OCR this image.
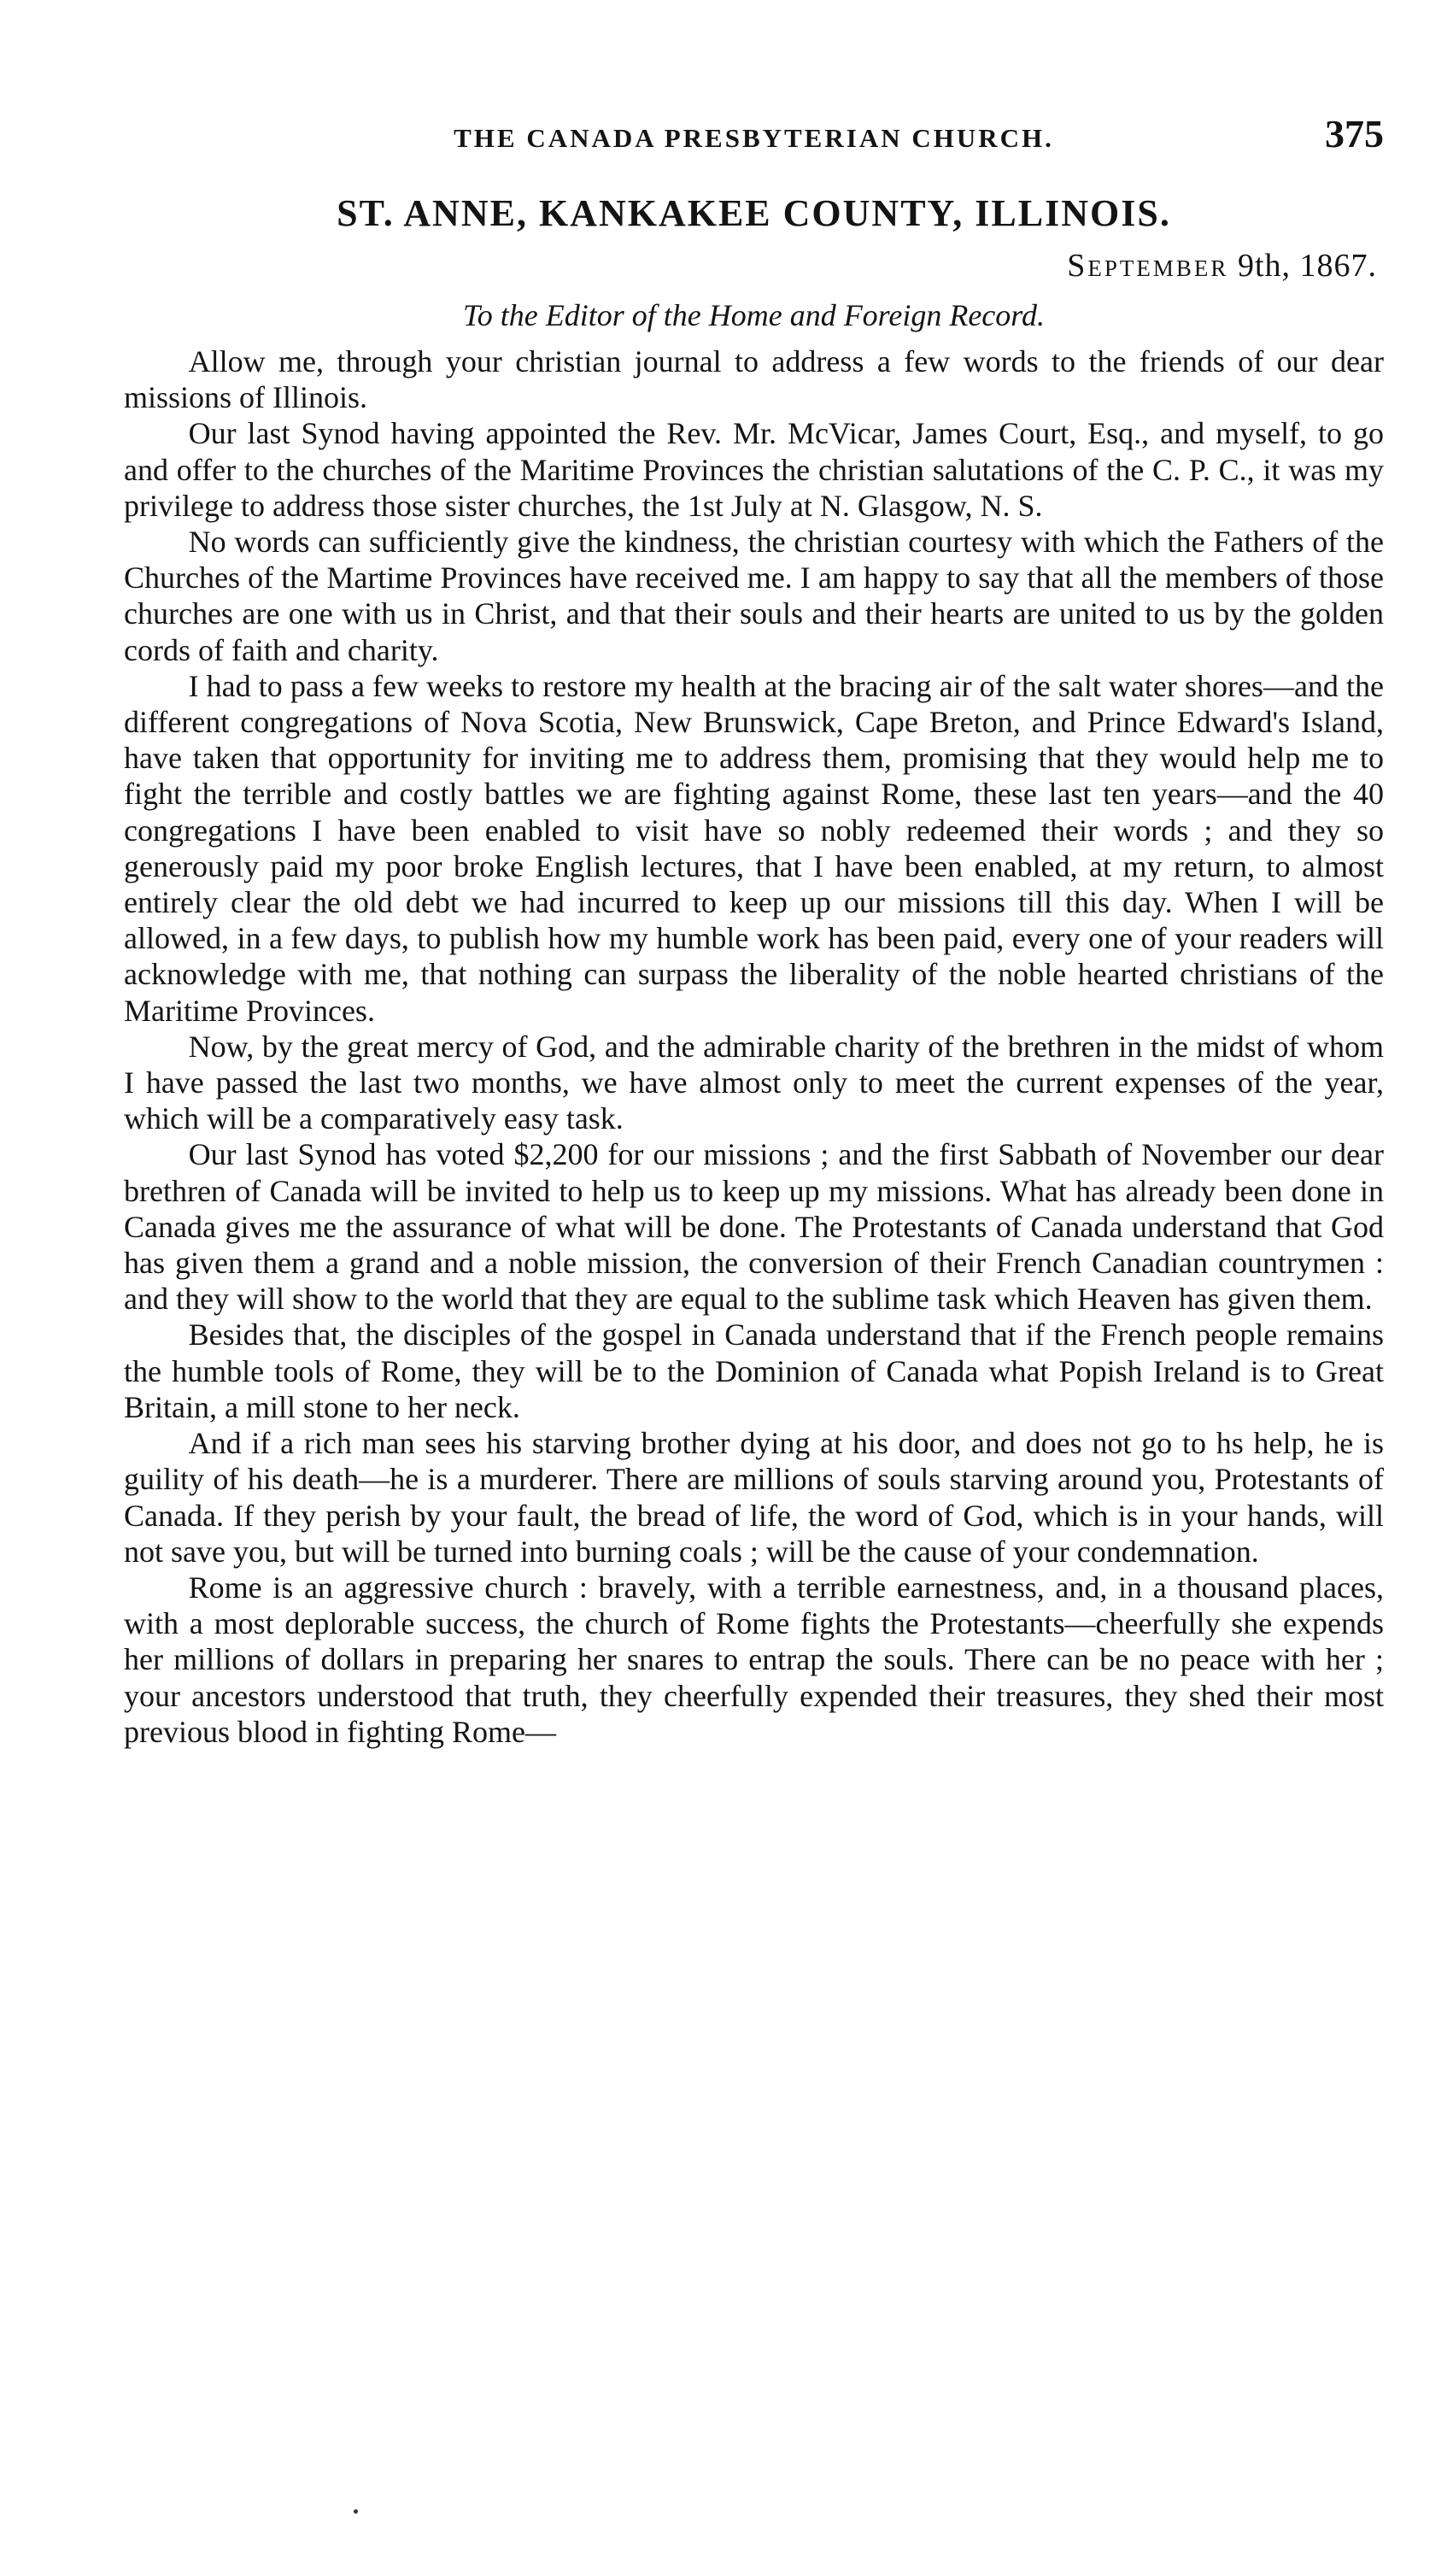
THE CANADA PRESBYTERIAN CHURCH.	375
ST. ANNE, KANKAKEE COUNTY, ILLINOIS.
September 9th, 1867.
To the Editor of the Home and Foreign Record.

Allow me, through your christian journal to address a few words to the friends of our dear missions of Illinois.

Our last Synod having appointed the Rev. Mr. McVicar, James Court, Esq., and myself, to go and offer to the churches of the Maritime Provinces the christian salutations of the C. P. C., it was my privilege to address those sister churches, the 1st July at N. Glasgow, N. S.

No words can sufficiently give the kindness, the christian courtesy with which the Fathers of the Churches of the Martime Provinces have received me. I am happy to say that all the members of those churches are one with us in Christ, and that their souls and their hearts are united to us by the golden cords of faith and charity.

I had to pass a few weeks to restore my health at the bracing air of the salt water shores—and the different congregations of Nova Scotia, New Brunswick, Cape Breton, and Prince Edward's Island, have taken that opportunity for inviting me to address them, promising that they would help me to fight the terrible and costly battles we are fighting against Rome, these last ten years—and the 40 congregations I have been enabled to visit have so nobly redeemed their words ; and they so generously paid my poor broke English lectures, that I have been enabled, at my return, to almost entirely clear the old debt we had incurred to keep up our missions till this day. When I will be allowed, in a few days, to publish how my humble work has been paid, every one of your readers will acknowledge with me, that nothing can surpass the liberality of the noble hearted christians of the Maritime Provinces.

Now, by the great mercy of God, and the admirable charity of the brethren in the midst of whom I have passed the last two months, we have almost only to meet the current expenses of the year, which will be a comparatively easy task.

Our last Synod has voted $2,200 for our missions ; and the first Sabbath of November our dear brethren of Canada will be invited to help us to keep up my missions. What has already been done in Canada gives me the assurance of what will be done. The Protestants of Canada understand that God has given them a grand and a noble mission, the conversion of their French Canadian countrymen : and they will show to the world that they are equal to the sublime task which Heaven has given them.

Besides that, the disciples of the gospel in Canada understand that if the French people remains the humble tools of Rome, they will be to the Dominion of Canada what Popish Ireland is to Great Britain, a mill stone to her neck.

And if a rich man sees his starving brother dying at his door, and does not go to hs help, he is guility of his death—he is a murderer. There are millions of souls starving around you, Protestants of Canada. If they perish by your fault, the bread of life, the word of God, which is in your hands, will not save you, but will be turned into burning coals ; will be the cause of your condemnation.

Rome is an aggressive church : bravely, with a terrible earnestness, and, in a thousand places, with a most deplorable success, the church of Rome fights the Protestants—cheerfully she expends her millions of dollars in preparing her snares to entrap the souls. There can be no peace with her ; your ancestors understood that truth, they cheerfully expended their treasures, they shed their most previous blood in fighting Rome—
